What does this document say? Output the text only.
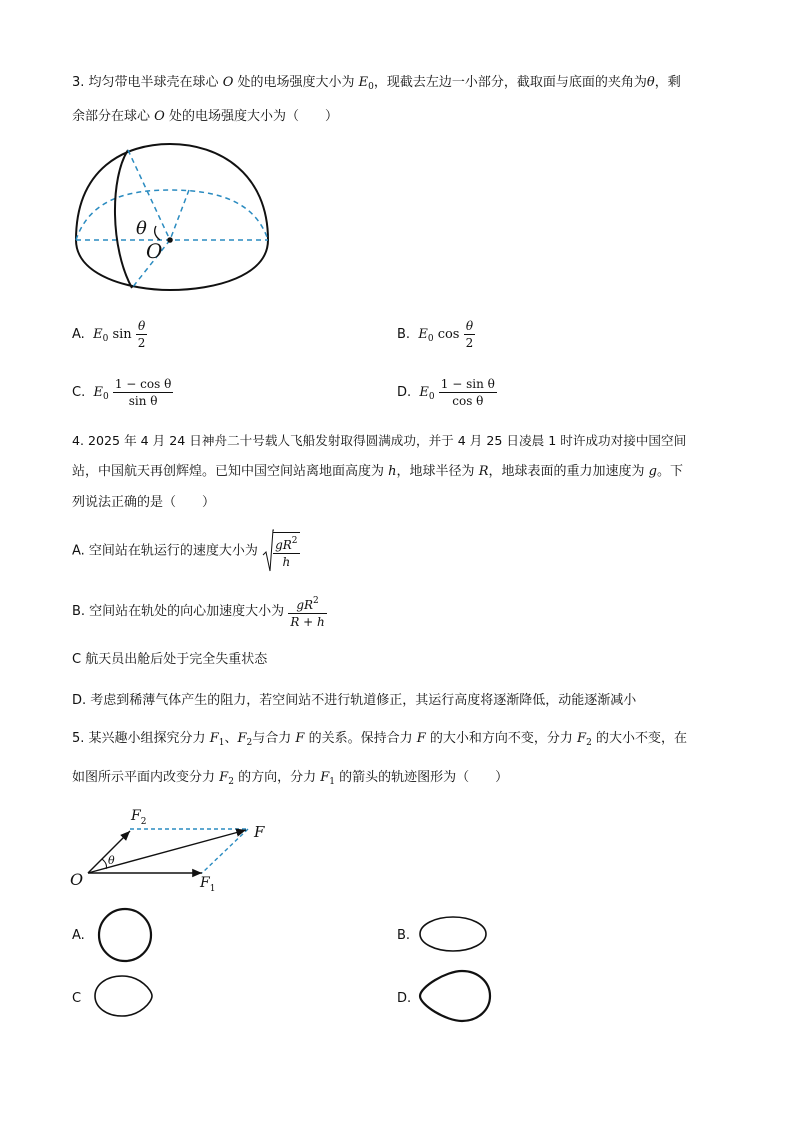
3. 均匀带电半球壳在球心 O 处的电场强度大小为 $E_0$，现截去左边一小部分，截取面与底面的夹角为θ，剩
余部分在球心 O 处的电场强度大小为（　　）
θ
O
A. $E_0$ $\sin \frac{\theta}{2}$	B. $E_0$ $\cos \frac{\theta}{2}$
C. $E_0 \frac{\text{1 − cos θ}}{\text{sin θ}}$	D. $E_0 \frac{\text{1 − sin θ}}{\text{cos θ}}$
4. 2025 年 4 月 24 日神舟二十号载人飞船发射取得圆满成功，并于 4 月 25 日凌晨 1 时许成功对接中国空间
站，中国航天再创辉煌。已知中国空间站离地面高度为 h，地球半径为 R，地球表面的重力加速度为 g。下
列说法正确的是（　　）
A. 空间站在轨运行的速度大小为 $\frac{gR^2}{h}$
B. 空间站在轨处的向心加速度大小为 $\frac{gR^2}{R + h}$
C 航天员出舱后处于完全失重状态
D. 考虑到稀薄气体产生的阻力，若空间站不进行轨道修正，其运行高度将逐渐降低，动能逐渐减小
5. 某兴趣小组探究分力 $F_1$、$F_2$与合力 F 的关系。保持合力 F 的大小和方向不变，分力 $F_2$ 的大小不变，在
如图所示平面内改变分力 $F_2$ 的方向，分力 $F_1$ 的箭头的轨迹图形为（　　）
$F_2$
F
$F_1$
O
θ
A.	B.
C	D.
